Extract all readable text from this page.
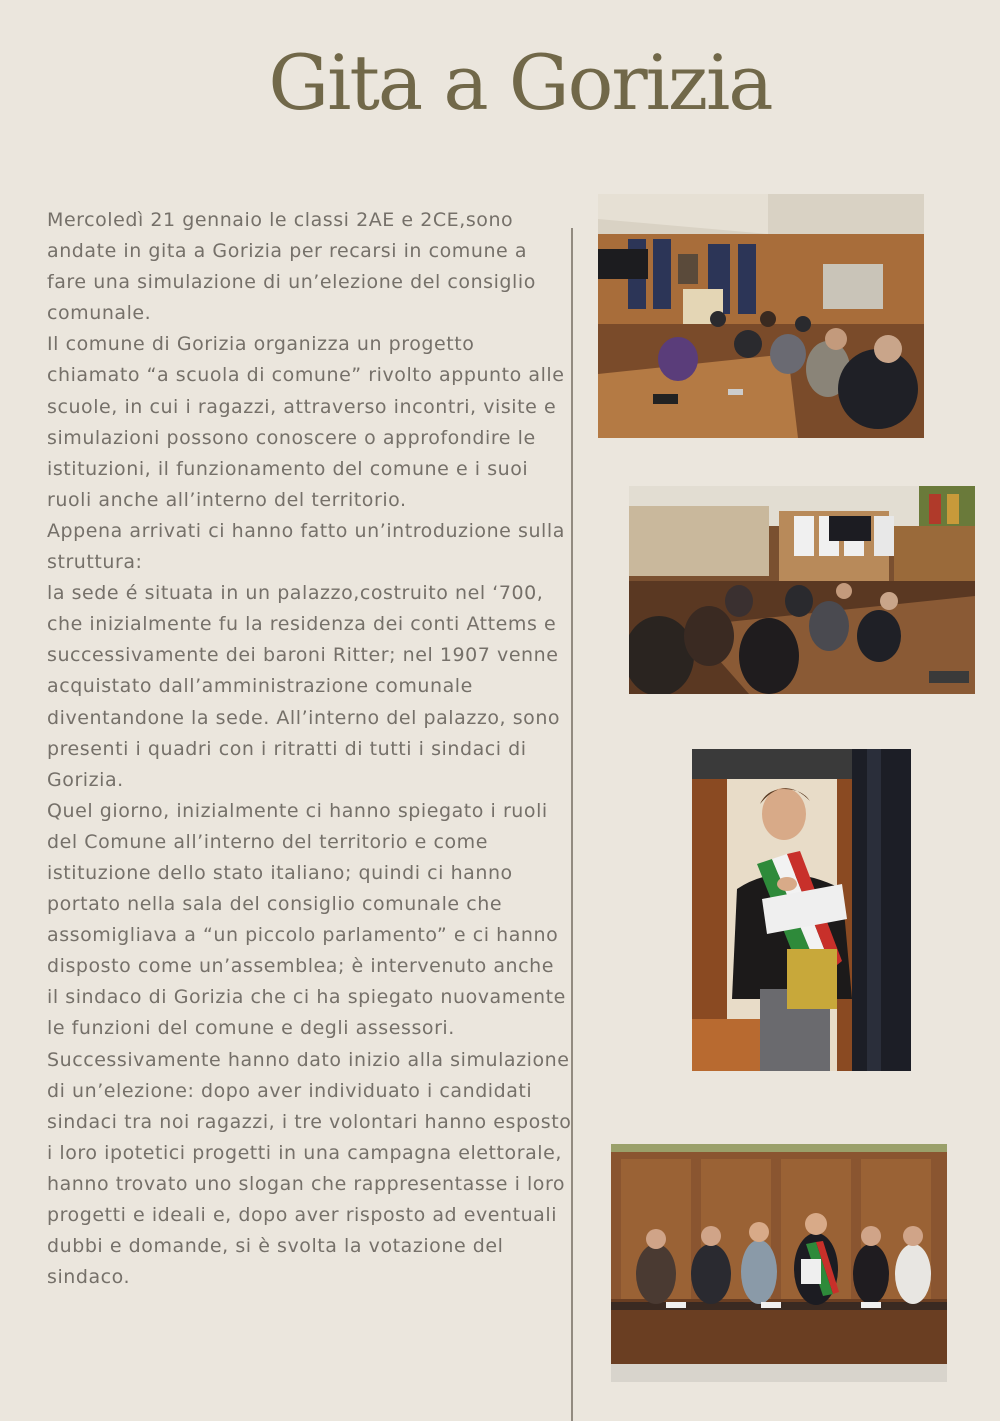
Gita a Gorizia

Mercoledì 21 gennaio le classi 2AE e 2CE,sono andate in gita a Gorizia per recarsi in comune a fare una simulazione di un’elezione del consiglio comunale.

Il comune di Gorizia organizza un progetto chiamato “a scuola di comune” rivolto appunto alle scuole, in cui i ragazzi, attraverso incontri, visite e simulazioni possono conoscere o approfondire le istituzioni, il funzionamento del comune e i suoi ruoli anche all’interno del territorio.

Appena arrivati ci hanno fatto un’introduzione sulla struttura:

la sede é situata in un palazzo,costruito nel ‘700, che inizialmente fu la residenza dei conti Attems e successivamente dei baroni Ritter; nel 1907 venne acquistato dall’amministrazione comunale diventandone la sede. All’interno del palazzo, sono presenti i quadri con i ritratti di tutti i sindaci di Gorizia.

Quel giorno, inizialmente ci hanno spiegato i ruoli del Comune all’interno del territorio e come istituzione dello stato italiano; quindi ci hanno portato nella sala del consiglio comunale che assomigliava a “un piccolo parlamento” e ci hanno disposto come un’assemblea; è intervenuto anche il sindaco di Gorizia che ci ha spiegato nuovamente le funzioni del comune e degli assessori.

Successivamente hanno dato inizio alla simulazione di un’elezione: dopo aver individuato i candidati sindaci tra noi ragazzi, i tre volontari hanno esposto i loro ipotetici progetti in una campagna elettorale, hanno trovato uno slogan che rappresentasse i loro progetti e ideali e, dopo aver risposto ad eventuali dubbi e domande, si è svolta la votazione del sindaco.
